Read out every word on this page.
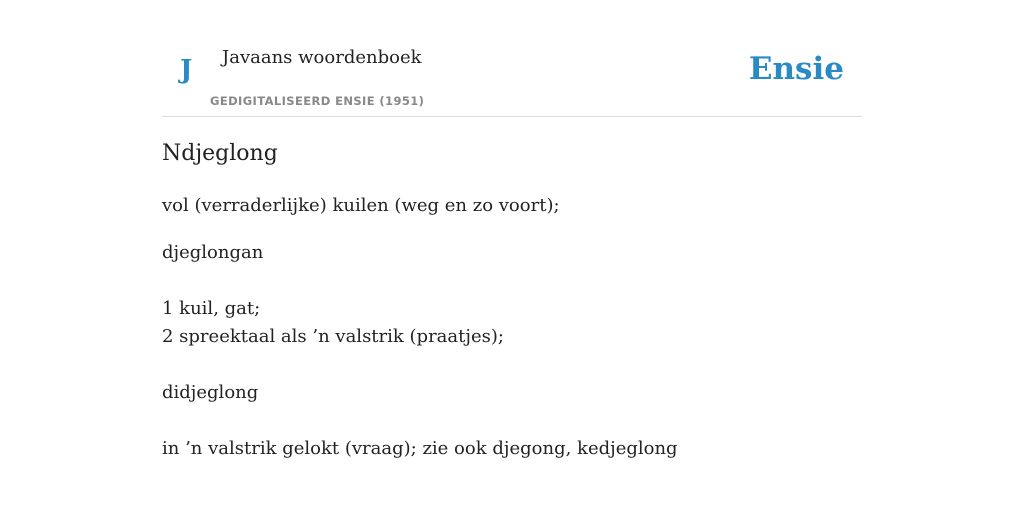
J Javaans woordenboek
GEDIGITALISEERD ENSIE (1951)
Ensie
Ndjeglong
vol (verraderlijke) kuilen (weg en zo voort);
djeglongan
1 kuil, gat;
2 spreektaal als ’n valstrik (praatjes);
didjeglong
in ’n valstrik gelokt (vraag); zie ook djegong, kedjeglong
